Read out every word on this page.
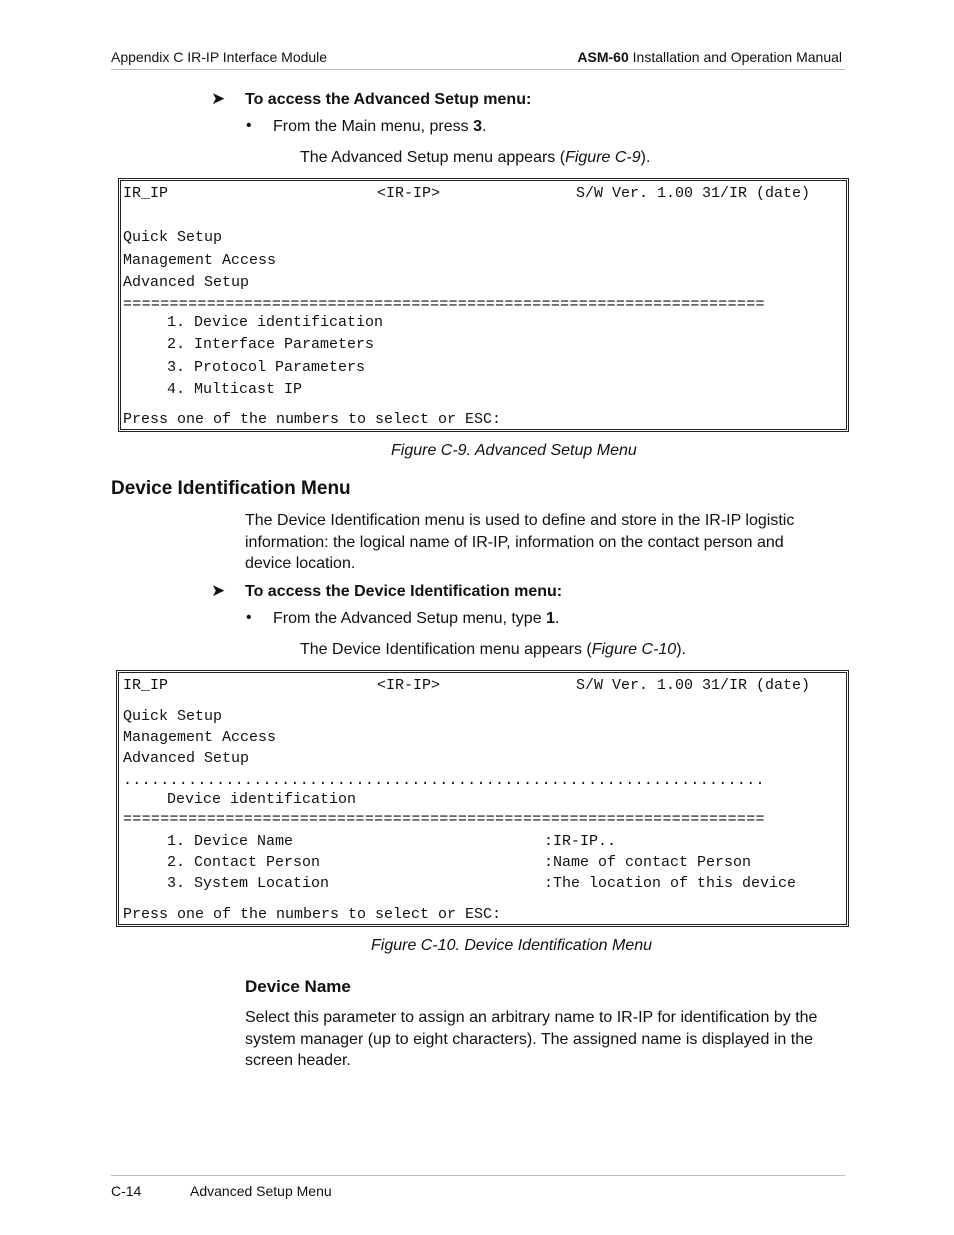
Appendix C IR-IP Interface Module	ASM-60 Installation and Operation Manual
➤ To access the Advanced Setup menu:
• From the Main menu, press 3.
The Advanced Setup menu appears (Figure C-9).
IR_IP	<IR-IP>	S/W Ver. 1.00 31/IR (date)
Quick Setup
Management Access
Advanced Setup
=====================================================================
1. Device identification
2. Interface Parameters
3. Protocol Parameters
4. Multicast IP
Press one of the numbers to select or ESC:
Figure C-9. Advanced Setup Menu
Device Identification Menu
The Device Identification menu is used to define and store in the IR-IP logistic
information: the logical name of IR-IP, information on the contact person and
device location.
➤ To access the Device Identification menu:
• From the Advanced Setup menu, type 1.
The Device Identification menu appears (Figure C-10).
IR_IP	<IR-IP>	S/W Ver. 1.00 31/IR (date)
Quick Setup
Management Access
Advanced Setup
.....................................................................
Device identification
=====================================================================
1. Device Name	:IR-IP..
2. Contact Person	:Name of contact Person
3. System Location	:The location of this device
Press one of the numbers to select or ESC:
Figure C-10. Device Identification Menu
Device Name
Select this parameter to assign an arbitrary name to IR-IP for identification by the
system manager (up to eight characters). The assigned name is displayed in the
screen header.
C-14	Advanced Setup Menu
